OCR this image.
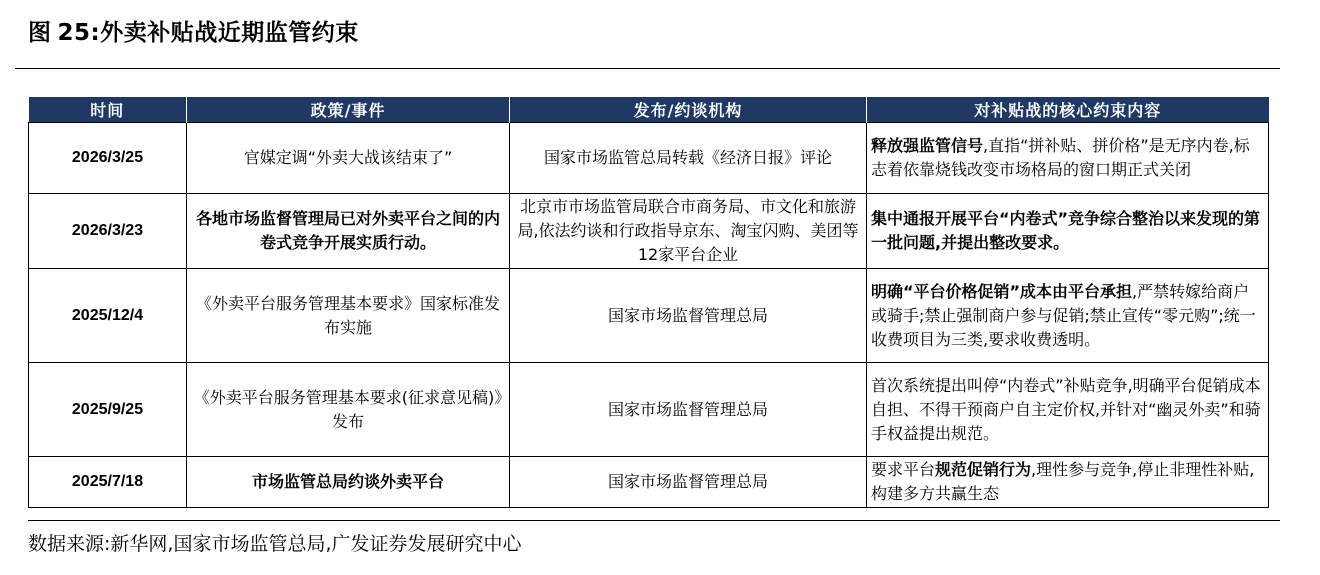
图 25:外卖补贴战近期监管约束
时间	政策/事件	发布/约谈机构	对补贴战的核心约束内容
2026/3/25	官媒定调“外卖大战该结束了”	国家市场监管总局转载《经济日报》评论	释放强监管信号,直指“拼补贴、拼价格”是无序内卷,标志着依靠烧钱改变市场格局的窗口期正式关闭
2026/3/23	各地市场监督管理局已对外卖平台之间的内卷式竞争开展实质行动。	北京市市场监管局联合市商务局、市文化和旅游局,依法约谈和行政指导京东、淘宝闪购、美团等12家平台企业	集中通报开展平台“内卷式”竞争综合整治以来发现的第一批问题,并提出整改要求。
2025/12/4	《外卖平台服务管理基本要求》国家标准发布实施	国家市场监督管理总局	明确“平台价格促销”成本由平台承担,严禁转嫁给商户或骑手;禁止强制商户参与促销;禁止宣传“零元购”;统一收费项目为三类,要求收费透明。
2025/9/25	《外卖平台服务管理基本要求(征求意见稿)》发布	国家市场监督管理总局	首次系统提出叫停“内卷式”补贴竞争,明确平台促销成本自担、不得干预商户自主定价权,并针对“幽灵外卖”和骑手权益提出规范。
2025/7/18	市场监管总局约谈外卖平台	国家市场监督管理总局	要求平台规范促销行为,理性参与竞争,停止非理性补贴,构建多方共赢生态
数据来源:新华网,国家市场监管总局,广发证券发展研究中心
